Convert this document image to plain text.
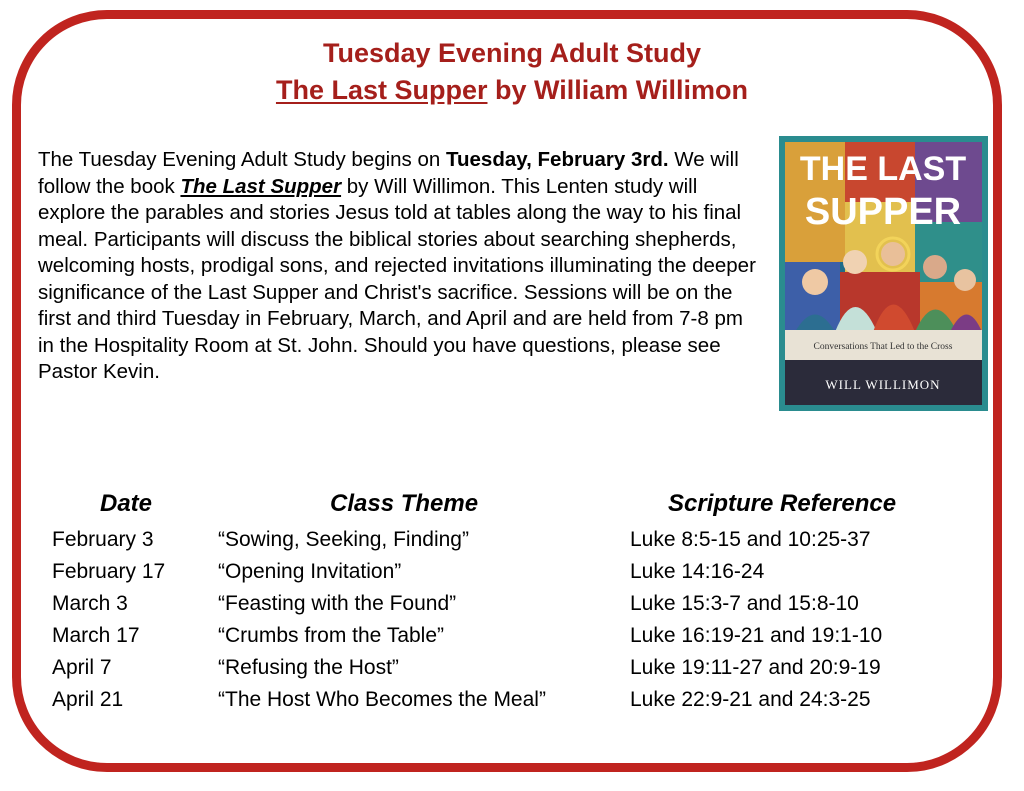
Tuesday Evening Adult Study
The Last Supper by William Willimon

The Tuesday Evening Adult Study begins on Tuesday, February 3rd. We will follow the book The Last Supper by Will Willimon. This Lenten study will explore the parables and stories Jesus told at tables along the way to his final meal. Participants will discuss the biblical stories about searching shepherds, welcoming hosts, prodigal sons, and rejected invitations illuminating the deeper significance of the Last Supper and Christ's sacrifice. Sessions will be on the first and third Tuesday in February, March, and April and are held from 7-8 pm in the Hospitality Room at St. John. Should you have questions, please see Pastor Kevin.

THE LAST
SUPPER
Conversations That Led to the Cross
WILL WILLIMON
Date	Class Theme	Scripture Reference
February 3	“Sowing, Seeking, Finding”	Luke 8:5-15 and 10:25-37
February 17	“Opening Invitation”	Luke 14:16-24
March 3	“Feasting with the Found”	Luke 15:3-7 and 15:8-10
March 17	“Crumbs from the Table”	Luke 16:19-21 and 19:1-10
April 7	“Refusing the Host”	Luke 19:11-27 and 20:9-19
April 21	“The Host Who Becomes the Meal”	Luke 22:9-21 and 24:3-25
